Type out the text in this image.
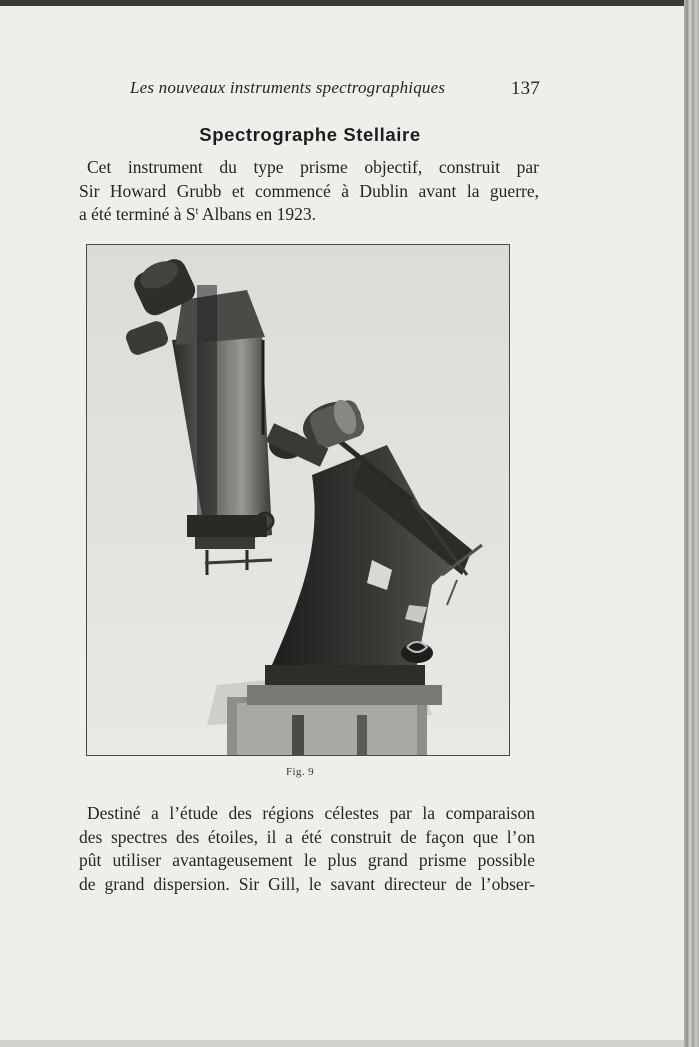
Les nouveaux instruments spectrographiques	137
Spectrographe Stellaire
Cet instrument du type prisme objectif, construit par
Sir Howard Grubb et commencé à Dublin avant la guerre,
a été terminé à $S^t$ Albans en 1923.
Fig. 9
Destiné a l’étude des régions célestes par la comparaison
des spectres des étoiles, il a été construit de façon que l’on
pût utiliser avantageusement le plus grand prisme possible
de grand dispersion. Sir Gill, le savant directeur de l’obser-
